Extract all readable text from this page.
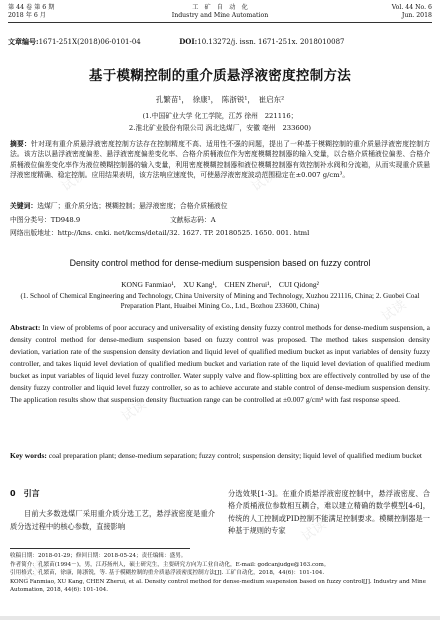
第 44 卷 第 6 期
2018 年 6 月
工　矿　自　动　化
Industry and Mine Automation
Vol. 44 No. 6
Jun. 2018
文章编号:1671-251X(2018)06-0101-04	DOI:10.13272/j. issn. 1671-251x. 2018010087
基于模糊控制的重介质悬浮液密度控制方法
孔繁苗¹，　徐康¹，　陈浙锐¹，　崔启东²
(1.中国矿业大学 化工学院，江苏 徐州　221116；
2.淮北矿业股份有限公司 涡北选煤厂，安徽 亳州　233600)
摘要：针对现有重介质悬浮液密度控制方法存在控制精度不高、适用性不强的问题，提出了一种基于模糊控制的重介质悬浮液密度控制方法。该方法以悬浮液密度偏差、悬浮液密度偏差变化率、合格介质桶液位作为密度模糊控制器的输入变量，以合格介质桶液位偏差、合格介质桶液位偏差变化率作为液位模糊控制器的输入变量，利用密度模糊控制器和液位模糊控制器有效控制补水阀和分流箱，从而实现重介质悬浮液密度精确、稳定控制。应用结果表明，该方法响应速度快，可使悬浮液密度波动范围稳定在±0.007 g/cm³。
关键词：选煤厂；重介质分选；模糊控制；悬浮液密度；合格介质桶液位
中图分类号：TD948.9	文献标志码：A
网络出版地址：http://kns. cnki. net/kcms/detail/32. 1627. TP. 20180525. 1650. 001. html
Density control method for dense-medium suspension based on fuzzy control
KONG Fanmiao¹,　XU Kang¹,　CHEN Zherui¹,　CUI Qidong²
(1. School of Chemical Engineering and Technology, China University of Mining and Technology, Xuzhou 221116, China; 2. Guobei Coal Preparation Plant, Huaibei Mining Co., Ltd., Bozhou 233600, China)
Abstract: In view of problems of poor accuracy and universality of existing density fuzzy control methods for dense-medium suspension, a density control method for dense-medium suspension based on fuzzy control was proposed. The method takes suspension density deviation, variation rate of the suspension density deviation and liquid level of qualified medium bucket as input variables of density fuzzy controller, and takes liquid level deviation of qualified medium bucket and variation rate of the liquid level deviation of qualified medium bucket as input variables of liquid level fuzzy controller. Water supply valve and flow-splitting box are effectively controlled by use of the density fuzzy controller and liquid level fuzzy controller, so as to achieve accurate and stable control of dense-medium suspension density. The application results show that suspension density fluctuation range can be controlled at ±0.007 g/cm³ with fast response speed.
Key words: coal preparation plant; dense-medium separation; fuzzy control; suspension density; liquid level of qualified medium bucket
0　引言

目前大多数选煤厂采用重介质分选工艺，悬浮液密度是重介质分选过程中的核心参数，直接影响

分选效果[1-3]。在重介质悬浮液密度控制中，悬浮液密度、合格介质桶液位参数相互耦合，难以建立精确的数学模型[4-6]，传统的人工控制或PID控制不能满足控制要求。模糊控制器是一种基于规则的专家

收稿日期：2018-01-29；修回日期：2018-05-24；责任编辑：盛男。
作者简介：孔繁苗(1994－)，男，江苏扬州人，硕士研究生，主要研究方向为工业自动化，E-mail: godcanjudge@163.com。
引用格式：孔繁苗，徐康，陈浙锐，等. 基于模糊控制的重介质悬浮液密度控制方法[J]. 工矿自动化，2018，44(6)：101-104.
KONG Fanmiao, XU Kang, CHEN Zherui, et al. Density control method for dense-medium suspension based on fuzzy control[J]. Industry and Mine Automation, 2018, 44(6): 101-104.
试读	试读
试读
试读
试读
试读
